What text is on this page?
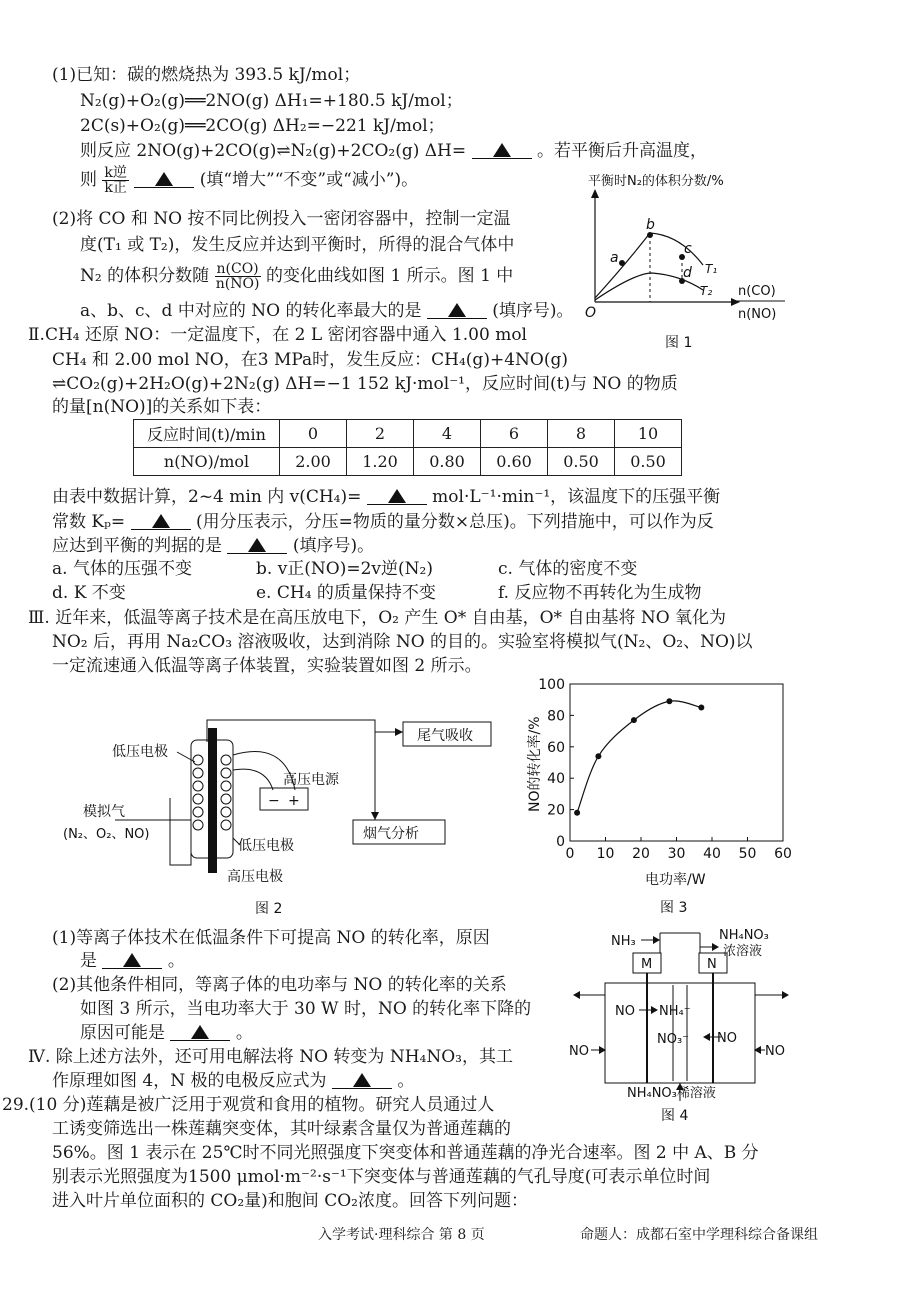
(1)已知：碳的燃烧热为 393.5 kJ/mol；
N₂(g)+O₂(g)══2NO(g) ΔH₁=+180.5 kJ/mol；
2C(s)+O₂(g)══2CO(g) ΔH₂=−221 kJ/mol；
则反应 2NO(g)+2CO(g)⇌N₂(g)+2CO₂(g) ΔH=	。若平衡后升高温度，
则 $\frac{\text{k逆}}{\text{k正}}$	(填“增大”“不变”或“减小”)。
(2)将 CO 和 NO 按不同比例投入一密闭容器中，控制一定温
度(T₁ 或 T₂)，发生反应并达到平衡时，所得的混合气体中
N₂ 的体积分数随 $\frac{n(CO)}{n(NO)}$ 的变化曲线如图 1 所示。图 1 中
a、b、c、d 中对应的 NO 的转化率最大的是	(填序号)。
平衡时N₂的体积分数/%
a
b
c
d T₁
T₂
O
n(CO)
n(NO)
图 1
Ⅱ.CH₄ 还原 NO：一定温度下，在 2 L 密闭容器中通入 1.00 mol
CH₄ 和 2.00 mol NO，在3 MPa时，发生反应：CH₄(g)+4NO(g)
⇌CO₂(g)+2H₂O(g)+2N₂(g) ΔH=−1 152 kJ·mol⁻¹，反应时间(t)与 NO 的物质
的量[n(NO)]的关系如下表：
反应时间(t)/min	0	2	4	6	8	10
n(NO)/mol	2.00	1.20	0.80	0.60	0.50	0.50
由表中数据计算，2~4 min 内 v(CH₄)=	mol·L⁻¹·min⁻¹，该温度下的压强平衡
常数 Kₚ=	(用分压表示，分压=物质的量分数×总压)。下列措施中，可以作为反
应达到平衡的判据的是	(填序号)。
a. 气体的压强不变	b. v正(NO)=2v逆(N₂)	c. 气体的密度不变
d. K 不变	e. CH₄ 的质量保持不变	f. 反应物不再转化为生成物
Ⅲ. 近年来，低温等离子技术是在高压放电下，O₂ 产生 O* 自由基，O* 自由基将 NO 氧化为
NO₂ 后，再用 Na₂CO₃ 溶液吸收，达到消除 NO 的目的。实验室将模拟气(N₂、O₂、NO)以
一定流速通入低温等离子体装置，实验装置如图 2 所示。
尾气吸收
烟气分析
− +
高压电源
低压电极
模拟气
(N₂、O₂、NO)
低压电极
高压电极
图 2
0 10 20 30 40 50 60
0
20
40
60
80
100
NO的转化率/%
电功率/W
图 3
(1)等离子体技术在低温条件下可提高 NO 的转化率，原因
是	。
(2)其他条件相同，等离子体的电功率与 NO 的转化率的关系
如图 3 所示，当电功率大于 30 W 时，NO 的转化率下降的
原因可能是	。
Ⅳ. 除上述方法外，还可用电解法将 NO 转变为 NH₄NO₃，其工
作原理如图 4，N 极的电极反应式为	。
NH₃	NH₄NO₃
浓溶液
M	N
NO NH₄⁺
NO₃⁻ NO
NO	NO
NH₄NO₃稀溶液
图 4
29.(10 分)莲藕是被广泛用于观赏和食用的植物。研究人员通过人
工诱变筛选出一株莲藕突变体，其叶绿素含量仅为普通莲藕的
56%。图 1 表示在 25℃时不同光照强度下突变体和普通莲藕的净光合速率。图 2 中 A、B 分
别表示光照强度为1500 μmol·m⁻²·s⁻¹下突变体与普通莲藕的气孔导度(可表示单位时间
进入叶片单位面积的 CO₂量)和胞间 CO₂浓度。回答下列问题：
入学考试·理科综合 第 8 页	命题人：成都石室中学理科综合备课组
